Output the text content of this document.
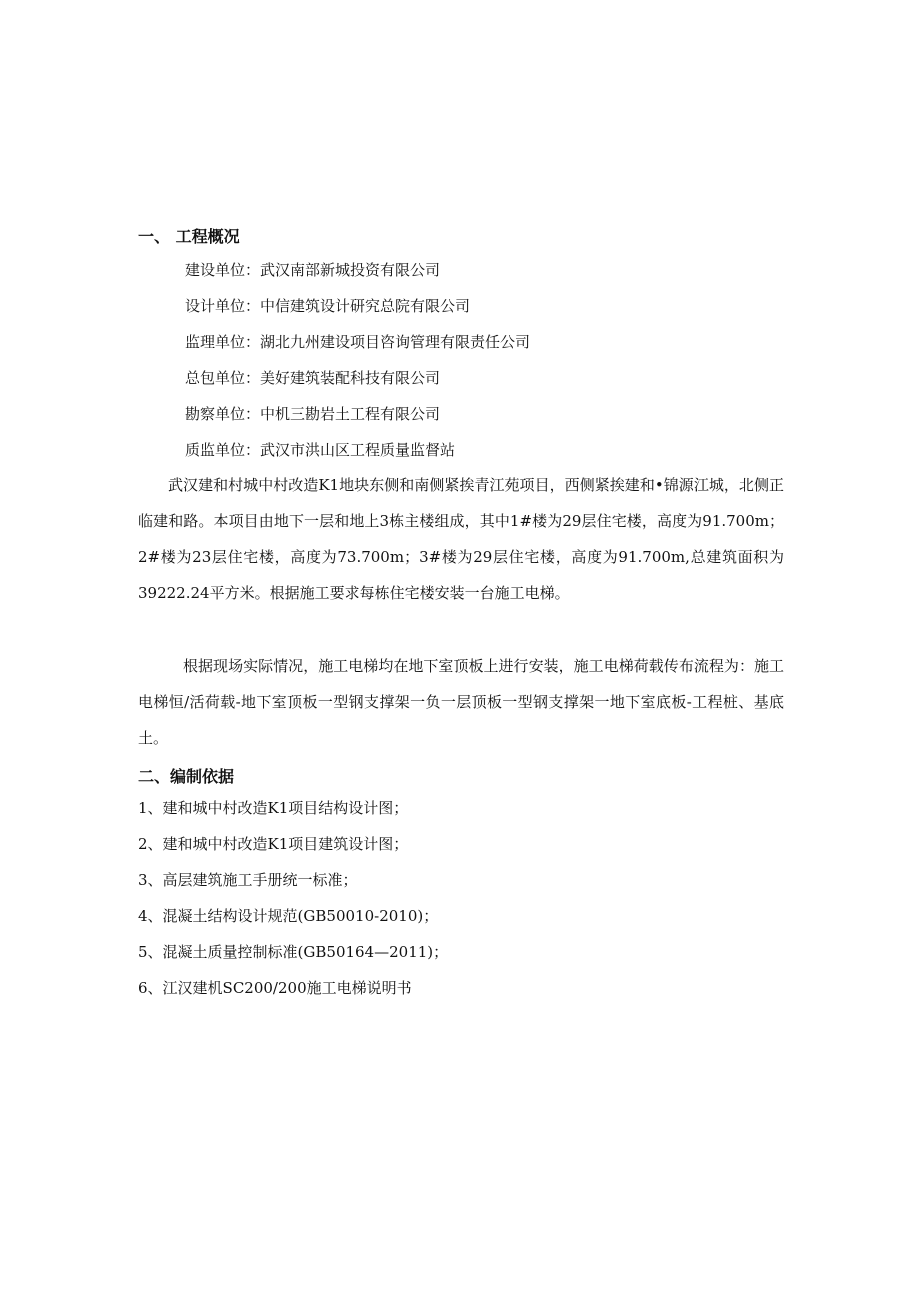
一、 工程概况
建设单位：武汉南部新城投资有限公司
设计单位：中信建筑设计研究总院有限公司
监理单位：湖北九州建设项目咨询管理有限责任公司
总包单位：美好建筑装配科技有限公司
勘察单位：中机三勘岩土工程有限公司
质监单位：武汉市洪山区工程质量监督站
武汉建和村城中村改造K1地块东侧和南侧紧挨青江苑项目，西侧紧挨建和•锦源江城，北侧正临建和路。本项目由地下一层和地上3栋主楼组成，其中1#楼为29层住宅楼，高度为91.700m；2#楼为23层住宅楼，高度为73.700m；3#楼为29层住宅楼，高度为91.700m,总建筑面积为39222.24平方米。根据施工要求每栋住宅楼安装一台施工电梯。
根据现场实际情况，施工电梯均在地下室顶板上进行安装，施工电梯荷载传布流程为：施工电梯恒/活荷载-地下室顶板一型钢支撑架一负一层顶板一型钢支撑架一地下室底板-工程桩、基底土。
二、编制依据
1、建和城中村改造K1项目结构设计图；
2、建和城中村改造K1项目建筑设计图；
3、高层建筑施工手册统一标准；
4、混凝土结构设计规范(GB50010-2010)；
5、混凝土质量控制标准(GB50164—2011)；
6、江汉建机SC200/200施工电梯说明书
